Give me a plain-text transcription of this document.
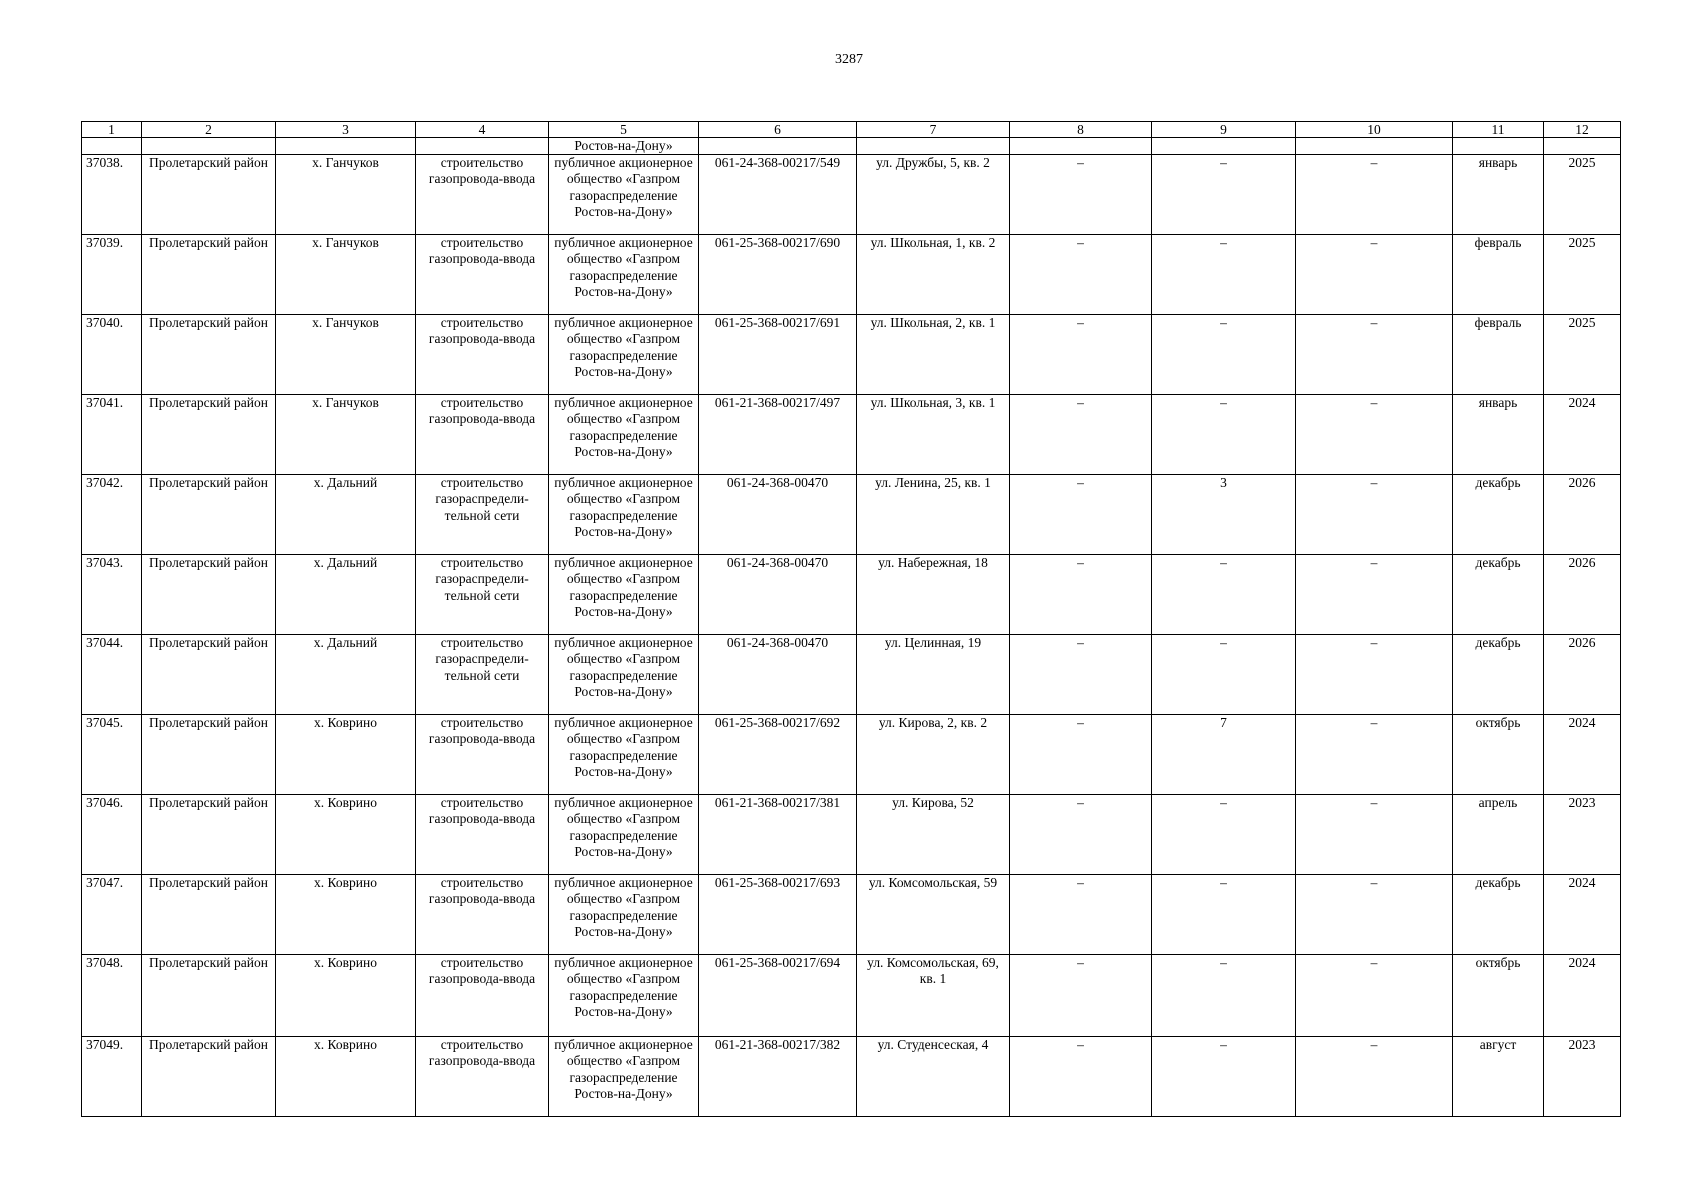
3287
1	2	3	4	5	6	7	8	9	10	11	12
				Ростов-на-Дону»							
37038.	Пролетарский район	х. Ганчуков	строительство газопровода-ввода	публичное акционерное общество «Газпром газораспределение Ростов-на-Дону»	061-24-368-00217/549	ул. Дружбы, 5, кв. 2	–	–	–	январь	2025
37039.	Пролетарский район	х. Ганчуков	строительство газопровода-ввода	публичное акционерное общество «Газпром газораспределение Ростов-на-Дону»	061-25-368-00217/690	ул. Школьная, 1, кв. 2	–	–	–	февраль	2025
37040.	Пролетарский район	х. Ганчуков	строительство газопровода-ввода	публичное акционерное общество «Газпром газораспределение Ростов-на-Дону»	061-25-368-00217/691	ул. Школьная, 2, кв. 1	–	–	–	февраль	2025
37041.	Пролетарский район	х. Ганчуков	строительство газопровода-ввода	публичное акционерное общество «Газпром газораспределение Ростов-на-Дону»	061-21-368-00217/497	ул. Школьная, 3, кв. 1	–	–	–	январь	2024
37042.	Пролетарский район	х. Дальний	строительство газораспредели-тельной сети	публичное акционерное общество «Газпром газораспределение Ростов-на-Дону»	061-24-368-00470	ул. Ленина, 25, кв. 1	–	3	–	декабрь	2026
37043.	Пролетарский район	х. Дальний	строительство газораспредели-тельной сети	публичное акционерное общество «Газпром газораспределение Ростов-на-Дону»	061-24-368-00470	ул. Набережная, 18	–	–	–	декабрь	2026
37044.	Пролетарский район	х. Дальний	строительство газораспредели-тельной сети	публичное акционерное общество «Газпром газораспределение Ростов-на-Дону»	061-24-368-00470	ул. Целинная, 19	–	–	–	декабрь	2026
37045.	Пролетарский район	х. Ковринo	строительство газопровода-ввода	публичное акционерное общество «Газпром газораспределение Ростов-на-Дону»	061-25-368-00217/692	ул. Кирова, 2, кв. 2	–	7	–	октябрь	2024
37046.	Пролетарский район	х. Коврино	строительство газопровода-ввода	публичное акционерное общество «Газпром газораспределение Ростов-на-Дону»	061-21-368-00217/381	ул. Кирова, 52	–	–	–	апрель	2023
37047.	Пролетарский район	х. Коврино	строительство газопровода-ввода	публичное акционерное общество «Газпром газораспределение Ростов-на-Дону»	061-25-368-00217/693	ул. Комсомольская, 59	–	–	–	декабрь	2024
37048.	Пролетарский район	х. Коврино	строительство газопровода-ввода	публичное акционерное общество «Газпром газораспределение Ростов-на-Дону»	061-25-368-00217/694	ул. Комсомольская, 69, кв. 1	–	–	–	октябрь	2024
37049.	Пролетарский район	х. Коврино	строительство газопровода-ввода	публичное акционерное общество «Газпром газораспределение Ростов-на-Дону»	061-21-368-00217/382	ул. Студенсеская, 4	–	–	–	август	2023
